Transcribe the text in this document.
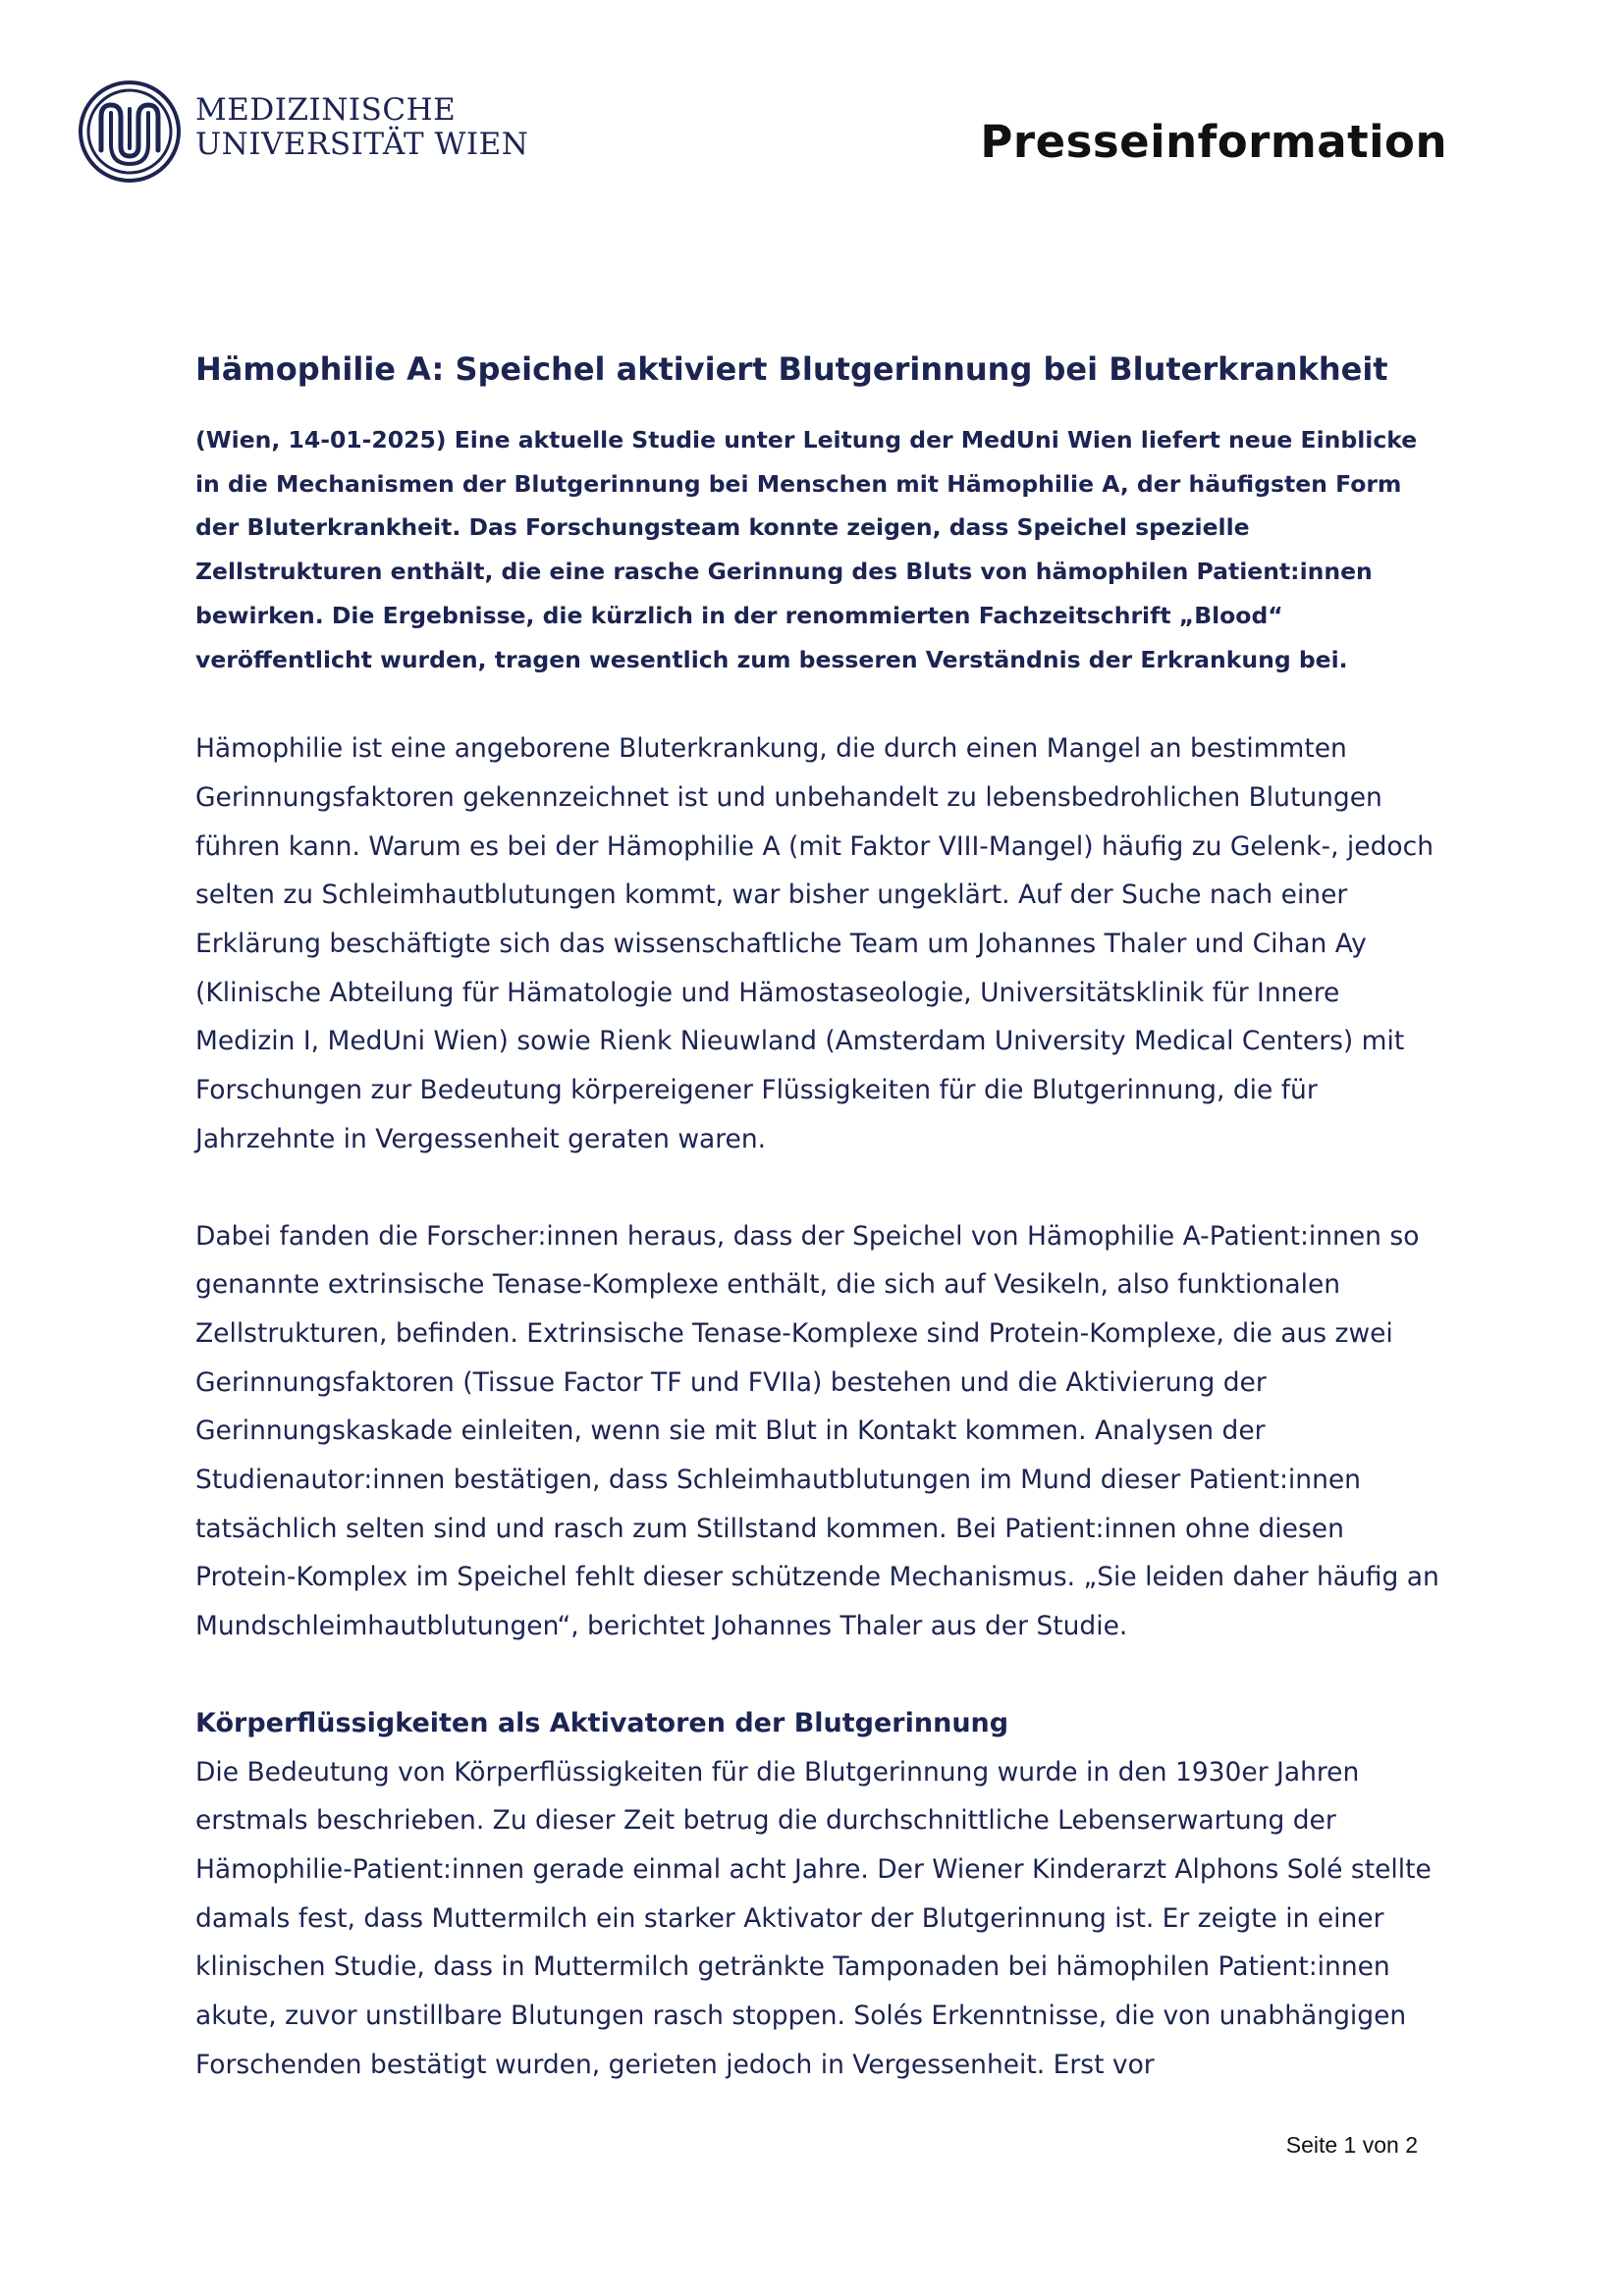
MEDIZINISCHE
UNIVERSITÄT WIEN	Presseinformation
Hämophilie A: Speichel aktiviert Blutgerinnung bei Bluterkrankheit

(Wien, 14-01-2025) Eine aktuelle Studie unter Leitung der MedUni Wien liefert neue Einblicke in die Mechanismen der Blutgerinnung bei Menschen mit Hämophilie A, der häufigsten Form der Bluterkrankheit. Das Forschungsteam konnte zeigen, dass Speichel spezielle Zellstrukturen enthält, die eine rasche Gerinnung des Bluts von hämophilen Patient:innen bewirken. Die Ergebnisse, die kürzlich in der renommierten Fachzeitschrift „Blood“ veröffentlicht wurden, tragen wesentlich zum besseren Verständnis der Erkrankung bei.

Hämophilie ist eine angeborene Bluterkrankung, die durch einen Mangel an bestimmten Gerinnungsfaktoren gekennzeichnet ist und unbehandelt zu lebensbedrohlichen Blutungen führen kann. Warum es bei der Hämophilie A (mit Faktor VIII-Mangel) häufig zu Gelenk-, jedoch selten zu Schleimhautblutungen kommt, war bisher ungeklärt. Auf der Suche nach einer Erklärung beschäftigte sich das wissenschaftliche Team um Johannes Thaler und Cihan Ay (Klinische Abteilung für Hämatologie und Hämostaseologie, Universitätsklinik für Innere Medizin I, MedUni Wien) sowie Rienk Nieuwland (Amsterdam University Medical Centers) mit Forschungen zur Bedeutung körpereigener Flüssigkeiten für die Blutgerinnung, die für Jahrzehnte in Vergessenheit geraten waren.

Dabei fanden die Forscher:innen heraus, dass der Speichel von Hämophilie A-Patient:innen so genannte extrinsische Tenase-Komplexe enthält, die sich auf Vesikeln, also funktionalen Zellstrukturen, befinden. Extrinsische Tenase-Komplexe sind Protein-Komplexe, die aus zwei Gerinnungsfaktoren (Tissue Factor TF und FVIIa) bestehen und die Aktivierung der Gerinnungskaskade einleiten, wenn sie mit Blut in Kontakt kommen. Analysen der Studienautor:innen bestätigen, dass Schleimhautblutungen im Mund dieser Patient:innen tatsächlich selten sind und rasch zum Stillstand kommen. Bei Patient:innen ohne diesen Protein-Komplex im Speichel fehlt dieser schützende Mechanismus. „Sie leiden daher häufig an Mundschleimhautblutungen“, berichtet Johannes Thaler aus der Studie.

Körperflüssigkeiten als Aktivatoren der Blutgerinnung

Die Bedeutung von Körperflüssigkeiten für die Blutgerinnung wurde in den 1930er Jahren erstmals beschrieben. Zu dieser Zeit betrug die durchschnittliche Lebenserwartung der Hämophilie-Patient:innen gerade einmal acht Jahre. Der Wiener Kinderarzt Alphons Solé stellte damals fest, dass Muttermilch ein starker Aktivator der Blutgerinnung ist. Er zeigte in einer klinischen Studie, dass in Muttermilch getränkte Tamponaden bei hämophilen Patient:innen akute, zuvor unstillbare Blutungen rasch stoppen. Solés Erkenntnisse, die von unabhängigen Forschenden bestätigt wurden, gerieten jedoch in Vergessenheit. Erst vor

Seite 1 von 2
